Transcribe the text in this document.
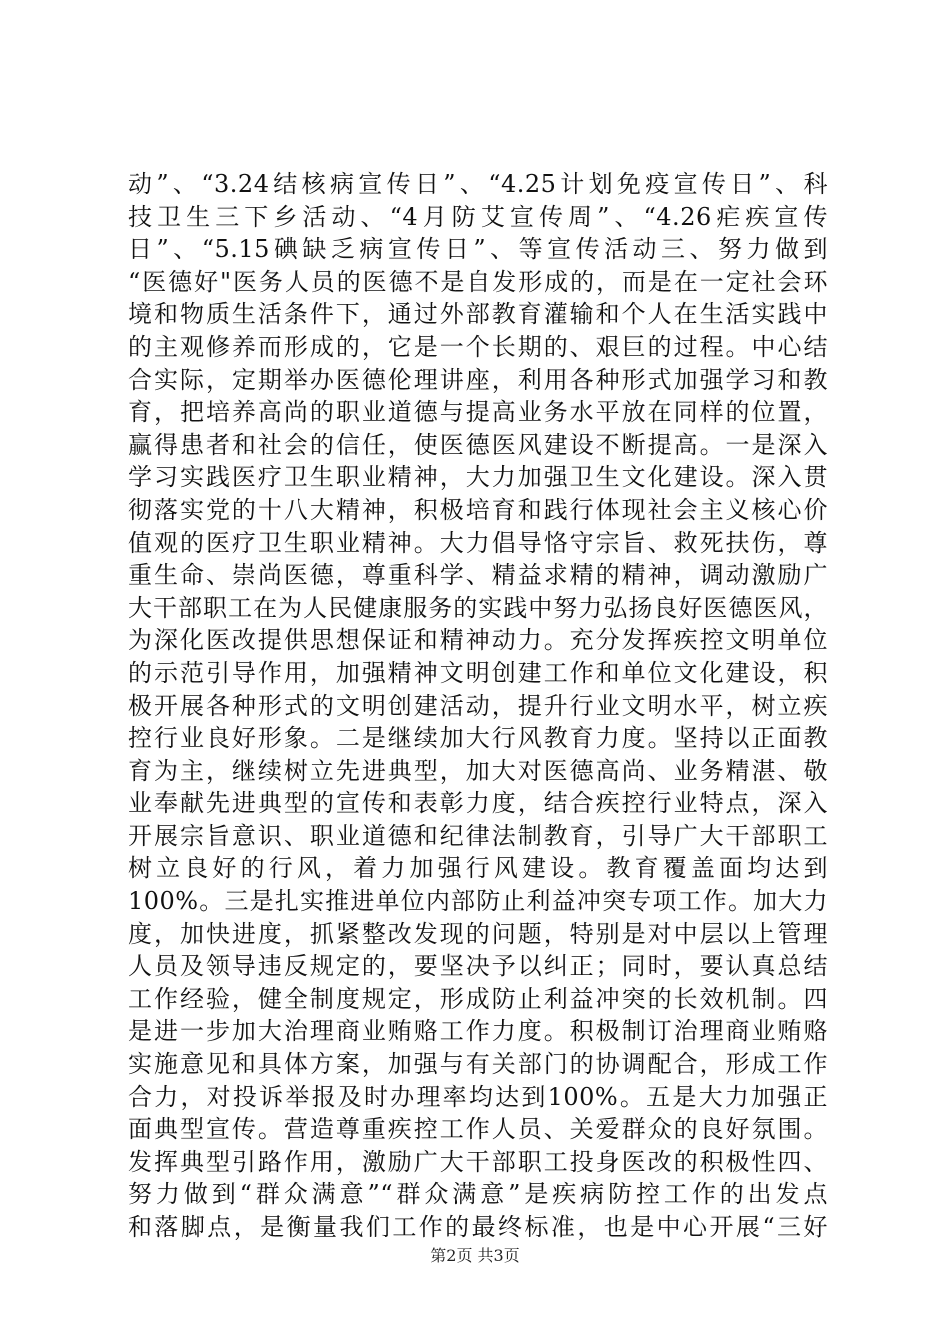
动”、“3.24结核病宣传日”、“4.25计划免疫宣传日”、科
技卫生三下乡活动、“4月防艾宣传周”、“4.26疟疾宣传
日”、“5.15碘缺乏病宣传日”、等宣传活动三、努力做到
“医德好"医务人员的医德不是自发形成的，而是在一定社会环
境和物质生活条件下，通过外部教育灌输和个人在生活实践中
的主观修养而形成的，它是一个长期的、艰巨的过程。中心结
合实际，定期举办医德伦理讲座，利用各种形式加强学习和教
育，把培养高尚的职业道德与提高业务水平放在同样的位置，
赢得患者和社会的信任，使医德医风建设不断提高。一是深入
学习实践医疗卫生职业精神，大力加强卫生文化建设。深入贯
彻落实党的十八大精神，积极培育和践行体现社会主义核心价
值观的医疗卫生职业精神。大力倡导恪守宗旨、救死扶伤，尊
重生命、崇尚医德，尊重科学、精益求精的精神，调动激励广
大干部职工在为人民健康服务的实践中努力弘扬良好医德医风，
为深化医改提供思想保证和精神动力。充分发挥疾控文明单位
的示范引导作用，加强精神文明创建工作和单位文化建设，积
极开展各种形式的文明创建活动，提升行业文明水平，树立疾
控行业良好形象。二是继续加大行风教育力度。坚持以正面教
育为主，继续树立先进典型，加大对医德高尚、业务精湛、敬
业奉献先进典型的宣传和表彰力度，结合疾控行业特点，深入
开展宗旨意识、职业道德和纪律法制教育，引导广大干部职工
树立良好的行风，着力加强行风建设。教育覆盖面均达到
100%。三是扎实推进单位内部防止利益冲突专项工作。加大力
度，加快进度，抓紧整改发现的问题，特别是对中层以上管理
人员及领导违反规定的，要坚决予以纠正；同时，要认真总结
工作经验，健全制度规定，形成防止利益冲突的长效机制。四
是进一步加大治理商业贿赂工作力度。积极制订治理商业贿赂
实施意见和具体方案，加强与有关部门的协调配合，形成工作
合力，对投诉举报及时办理率均达到100%。五是大力加强正
面典型宣传。营造尊重疾控工作人员、关爱群众的良好氛围。
发挥典型引路作用，激励广大干部职工投身医改的积极性四、
努力做到“群众满意”“群众满意”是疾病防控工作的出发点
和落脚点，是衡量我们工作的最终标准，也是中心开展“三好
第2页 共3页
